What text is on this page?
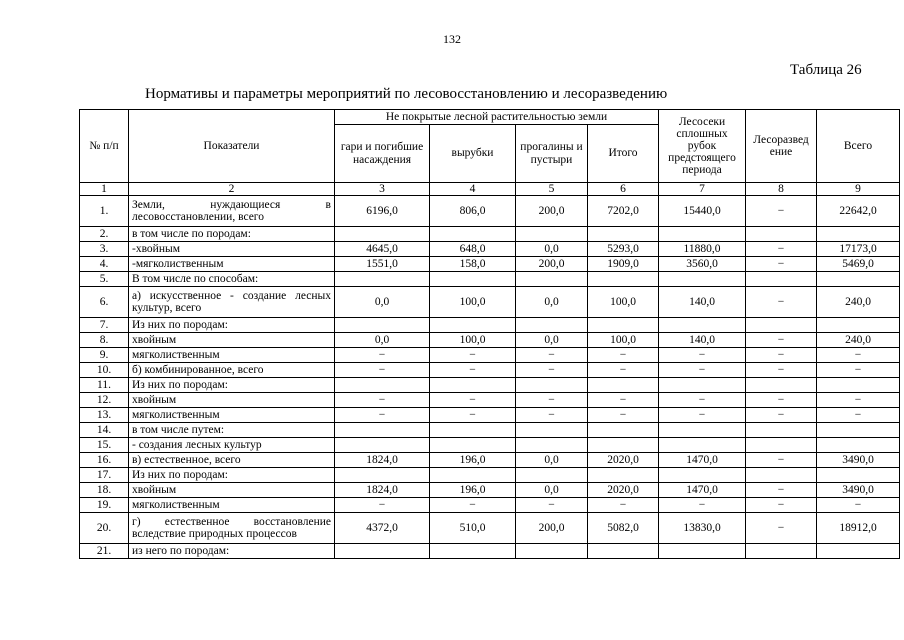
132
Таблица 26
Нормативы и параметры мероприятий по лесовосстановлению и лесоразведению
№ п/п	Показатели	Не покрытые лесной растительностью земли				Лесосеки сплошных рубок предстоящего периода	Лесоразвед ение	Всего
		гари и погибшие насаждения	вырубки	прогалины и пустыри	Итого			
1	2	3	4	5	6	7	8	9
1.	Земли, нуждающиеся в лесовосстановлении, всего	6196,0	806,0	200,0	7202,0	15440,0	−	22642,0
2.	в том числе по породам:							
3.	-хвойным	4645,0	648,0	0,0	5293,0	11880,0	−	17173,0
4.	-мягколиственным	1551,0	158,0	200,0	1909,0	3560,0	−	5469,0
5.	В том числе по способам:							
6.	а) искусственное - создание лесных культур, всего	0,0	100,0	0,0	100,0	140,0	−	240,0
7.	Из них по породам:							
8.	хвойным	0,0	100,0	0,0	100,0	140,0	−	240,0
9.	мягколиственным	−	−	−	−	−	−	−
10.	б) комбинированное, всего	−	−	−	−	−	−	−
11.	Из них по породам:							
12.	хвойным	−	−	−	−	−	−	−
13.	мягколиственным	−	−	−	−	−	−	−
14.	в том числе путем:							
15.	- создания лесных культур							
16.	в) естественное, всего	1824,0	196,0	0,0	2020,0	1470,0	−	3490,0
17.	Из них по породам:							
18.	хвойным	1824,0	196,0	0,0	2020,0	1470,0	−	3490,0
19.	мягколиственным	−	−	−	−	−	−	−
20.	г) естественное восстановление вследствие природных процессов	4372,0	510,0	200,0	5082,0	13830,0	−	18912,0
21.	из него по породам:							
